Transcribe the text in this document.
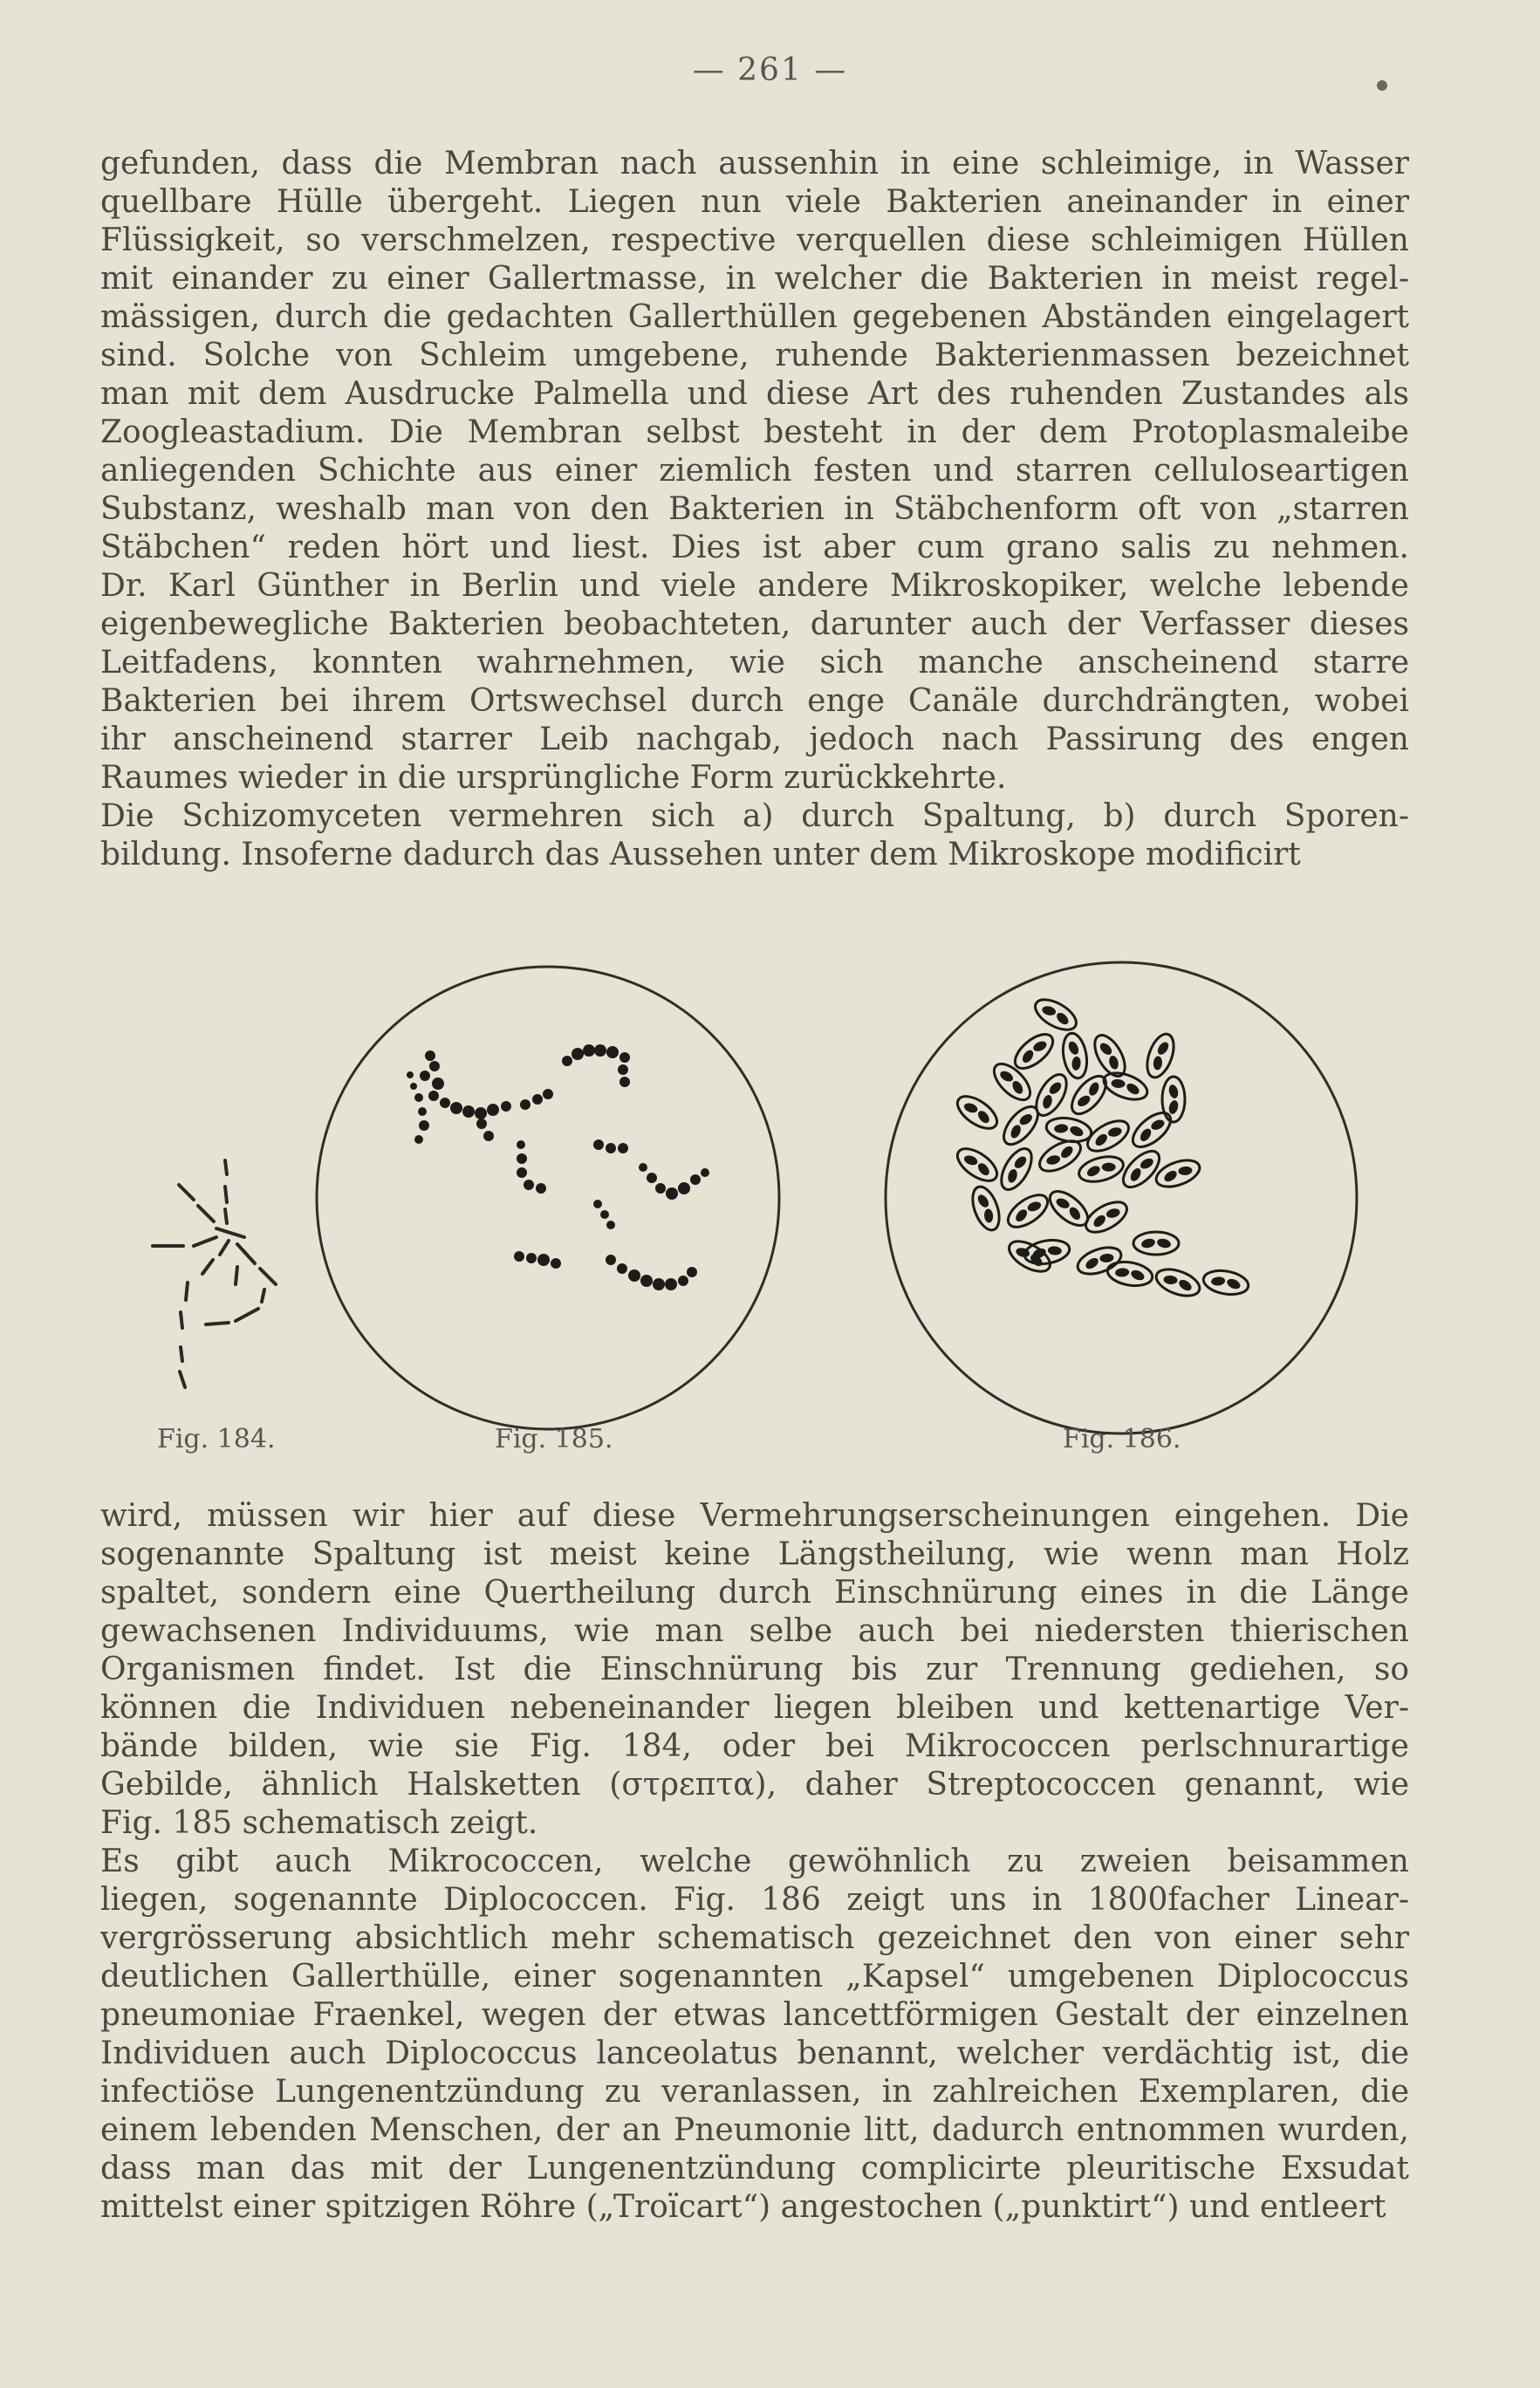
— 261 —
gefunden, dass die Membran nach aussenhin in eine schleimige, in Wasser
quellbare Hülle übergeht. Liegen nun viele Bakterien aneinander in einer
Flüssigkeit, so verschmelzen, respective verquellen diese schleimigen Hüllen
mit einander zu einer Gallertmasse, in welcher die Bakterien in meist regel-
mässigen, durch die gedachten Gallerthüllen gegebenen Abständen eingelagert
sind. Solche von Schleim umgebene, ruhende Bakterienmassen bezeichnet
man mit dem Ausdrucke Palmella und diese Art des ruhenden Zustandes als
Zoogleastadium. Die Membran selbst besteht in der dem Protoplasmaleibe
anliegenden Schichte aus einer ziemlich festen und starren celluloseartigen
Substanz, weshalb man von den Bakterien in Stäbchenform oft von „starren
Stäbchen“ reden hört und liest. Dies ist aber cum grano salis zu nehmen.
Dr. Karl Günther in Berlin und viele andere Mikroskopiker, welche lebende
eigenbewegliche Bakterien beobachteten, darunter auch der Verfasser dieses
Leitfadens, konnten wahrnehmen, wie sich manche anscheinend starre
Bakterien bei ihrem Ortswechsel durch enge Canäle durchdrängten, wobei
ihr anscheinend starrer Leib nachgab, jedoch nach Passirung des engen
Raumes wieder in die ursprüngliche Form zurückkehrte.
Die Schizomyceten vermehren sich a) durch Spaltung, b) durch Sporen-
bildung. Insoferne dadurch das Aussehen unter dem Mikroskope modificirt
Fig. 184.	Fig. 185.	Fig. 186.
wird, müssen wir hier auf diese Vermehrungserscheinungen eingehen. Die
sogenannte Spaltung ist meist keine Längstheilung, wie wenn man Holz
spaltet, sondern eine Quertheilung durch Einschnürung eines in die Länge
gewachsenen Individuums, wie man selbe auch bei niedersten thierischen
Organismen findet. Ist die Einschnürung bis zur Trennung gediehen, so
können die Individuen nebeneinander liegen bleiben und kettenartige Ver-
bände bilden, wie sie Fig. 184, oder bei Mikrococcen perlschnurartige
Gebilde, ähnlich Halsketten (στρεπτα), daher Streptococcen genannt, wie
Fig. 185 schematisch zeigt.
Es gibt auch Mikrococcen, welche gewöhnlich zu zweien beisammen
liegen, sogenannte Diplococcen. Fig. 186 zeigt uns in 1800facher Linear-
vergrösserung absichtlich mehr schematisch gezeichnet den von einer sehr
deutlichen Gallerthülle, einer sogenannten „Kapsel“ umgebenen Diplococcus
pneumoniae Fraenkel, wegen der etwas lancettförmigen Gestalt der einzelnen
Individuen auch Diplococcus lanceolatus benannt, welcher verdächtig ist, die
infectiöse Lungenentzündung zu veranlassen, in zahlreichen Exemplaren, die
einem lebenden Menschen, der an Pneumonie litt, dadurch entnommen wurden,
dass man das mit der Lungenentzündung complicirte pleuritische Exsudat
mittelst einer spitzigen Röhre („Troïcart“) angestochen („punktirt“) und entleert
